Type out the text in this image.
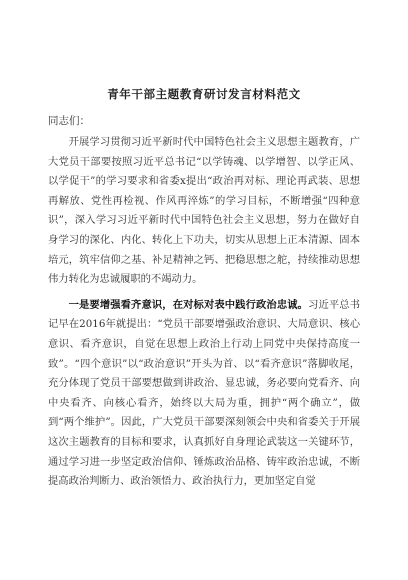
青年干部主题教育研讨发言材料范文
同志们：

开展学习贯彻习近平新时代中国特色社会主义思想主题教育，广大党员干部要按照习近平总书记“以学铸魂、以学增智、以学正风、以学促干”的学习要求和省委x提出“政治再对标、理论再武装、思想再解放、党性再检视、作风再淬炼”的学习目标，不断增强“四种意识”，深入学习习近平新时代中国特色社会主义思想，努力在做好自身学习的深化、内化、转化上下功夫，切实从思想上正本清源、固本培元，筑牢信仰之基、补足精神之钙、把稳思想之舵，持续推动思想伟力转化为忠诚履职的不竭动力。

一是要增强看齐意识，在对标对表中践行政治忠诚。习近平总书记早在2016年就提出：“党员干部要增强政治意识、大局意识、核心意识、看齐意识，自觉在思想上政治上行动上同党中央保持高度一致”。“四个意识”以“政治意识”开头为首、以“看齐意识”落脚收尾，充分体现了党员干部要想做到讲政治、显忠诚，务必要向党看齐、向中央看齐、向核心看齐，始终以大局为重，拥护“两个确立”，做到“两个维护”。因此，广大党员干部要深刻领会中央和省委关于开展这次主题教育的目标和要求，认真抓好自身理论武装这一关键环节，通过学习进一步坚定政治信仰、锤炼政治品格、铸牢政治忠诚，不断提高政治判断力、政治领悟力、政治执行力，更加坚定自觉
